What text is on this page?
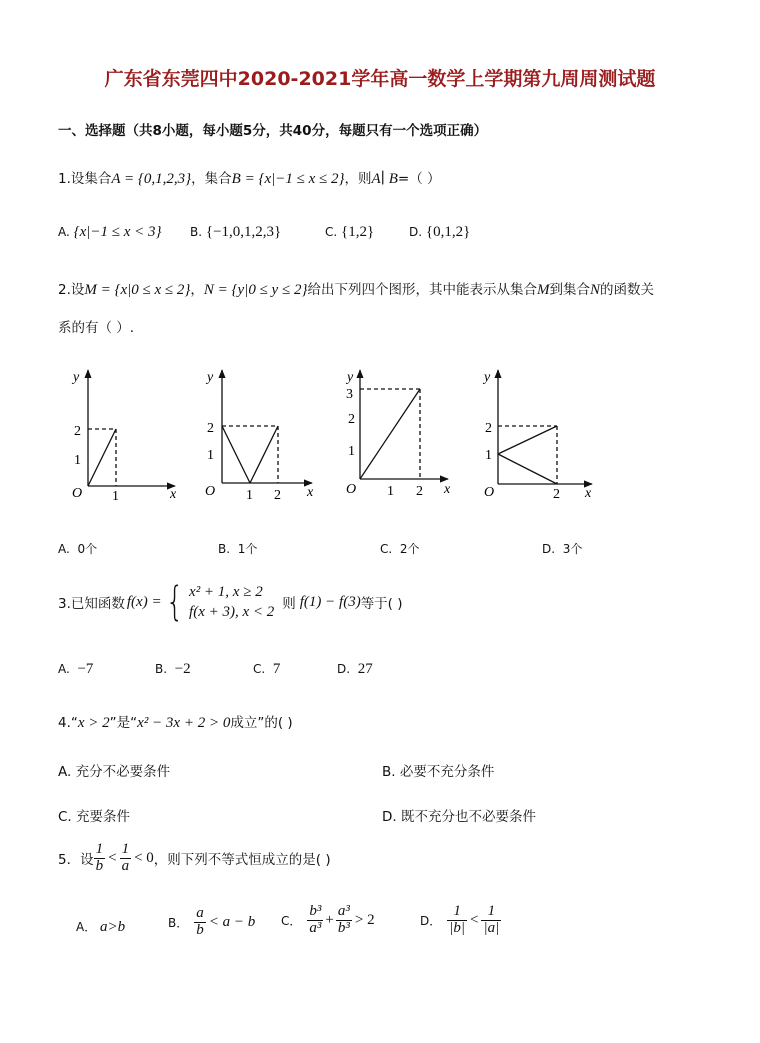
广东省东莞四中2020-2021学年高一数学上学期第九周周测试题
一、选择题（共8小题，每小题5分，共40分，每题只有一个选项正确）
1.设集合A = {0,1,2,3}，集合B = {x|−1 ≤ x ≤ 2}，则A∣ B=（ ）
A. {x|−1 ≤ x < 3} B. {−1,0,1,2,3}	C. {1,2}	D. {0,1,2}
2.设M = {x|0 ≤ x ≤ 2}，N = {y|0 ≤ y ≤ 2}给出下列四个图形，其中能表示从集合M到集合N的函数关
系的有（ ）.
y
x
O
2
1
1
y
x
O
2
1
1 2
y
x
O
3
2
1
1 2
y
x
O
2
1
2
A. 0个	B. 1个	C. 2个	D. 3个
3.已知函数 f(x) = { x² + 1, x ≥ 2
f(x + 3), x < 2 则 f(1) − f(3) 等于( )
A. −7	B. −2	C. 7	D. 27
4.“x > 2”是“x² − 3x + 2 > 0成立”的( )
A. 充分不必要条件	B. 必要不充分条件
C. 充要条件	D. 既不充分也不必要条件
5．设 $\frac{1}{b} < \frac{1}{a} < 0$ ，则下列不等式恒成立的是( )
A． a>b	B． $\frac{a}{b} < a - b$ C． $\frac{\text{b³}}{\text{a³}} + \frac{\text{a³}}{\text{b³}} > 2$	D． $\frac{1}{|b|} < \frac{1}{|a|}$
